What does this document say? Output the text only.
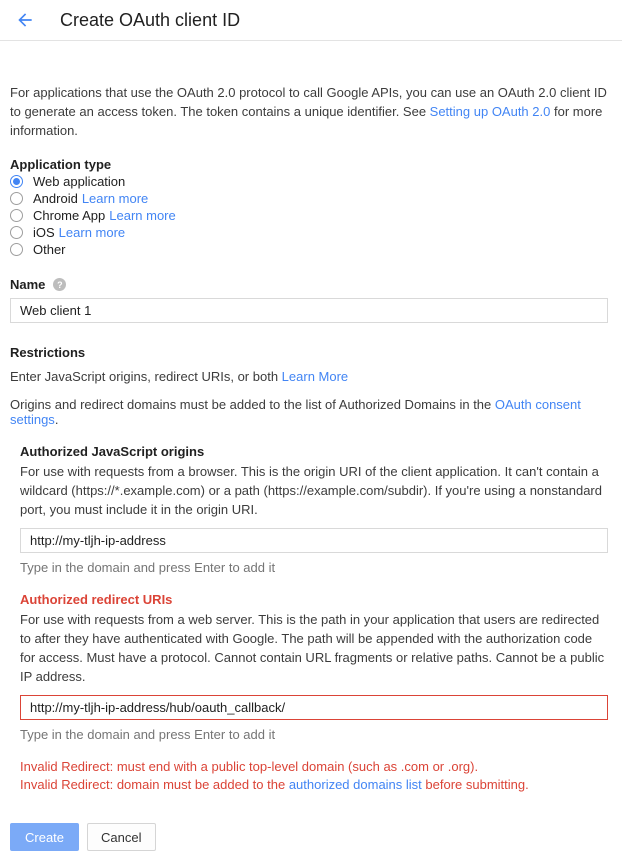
Create OAuth client ID

For applications that use the OAuth 2.0 protocol to call Google APIs, you can use an OAuth 2.0 client ID to generate an access token. The token contains a unique identifier. See Setting up OAuth 2.0 for more information.

Application type
Web application
Android Learn more
Chrome App Learn more
iOS Learn more
Other
Name
?
Web client 1
Restrictions
Enter JavaScript origins, redirect URIs, or both Learn More
Origins and redirect domains must be added to the list of Authorized Domains in the OAuth consent settings.
Authorized JavaScript origins
For use with requests from a browser. This is the origin URI of the client application. It can't contain a wildcard (https://*.example.com) or a path (https://example.com/subdir). If you're using a nonstandard port, you must include it in the origin URI.
http://my-tljh-ip-address
Type in the domain and press Enter to add it
Authorized redirect URIs
For use with requests from a web server. This is the path in your application that users are redirected to after they have authenticated with Google. The path will be appended with the authorization code for access. Must have a protocol. Cannot contain URL fragments or relative paths. Cannot be a public IP address.
http://my-tljh-ip-address/hub/oauth_callback/
Type in the domain and press Enter to add it
Invalid Redirect: must end with a public top-level domain (such as .com or .org).
Invalid Redirect: domain must be added to the authorized domains list before submitting.
Create	Cancel
